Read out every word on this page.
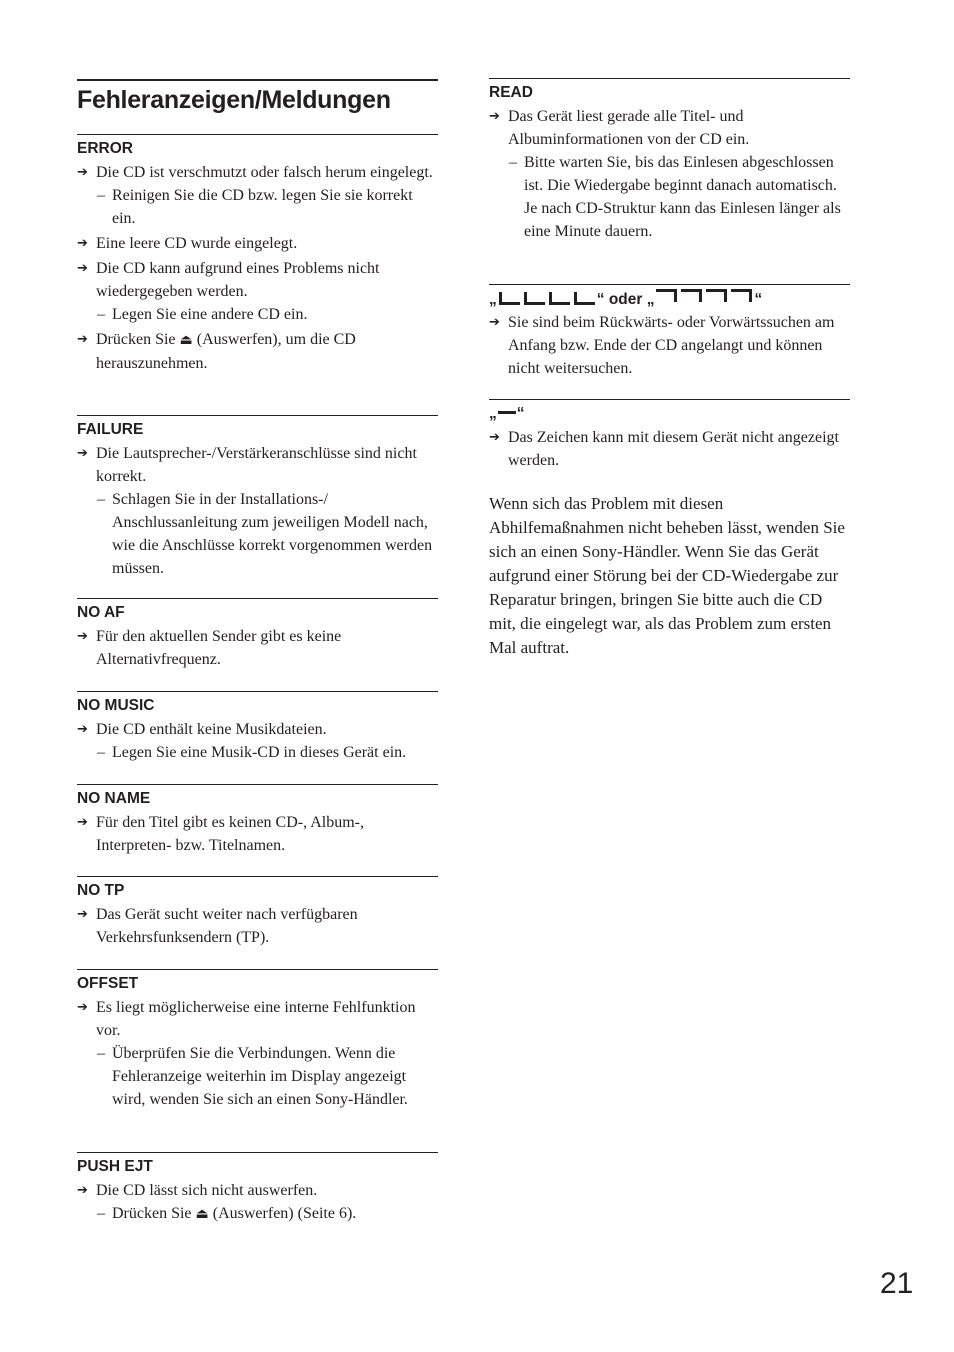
Fehleranzeigen/Meldungen
ERROR
➔ Die CD ist verschmutzt oder falsch herum eingelegt.
– Reinigen Sie die CD bzw. legen Sie sie korrekt ein.
➔ Eine leere CD wurde eingelegt.
➔ Die CD kann aufgrund eines Problems nicht wiedergegeben werden.
– Legen Sie eine andere CD ein.
➔ Drücken Sie ⏏ (Auswerfen), um die CD herauszunehmen.
FAILURE
➔ Die Lautsprecher-/Verstärkeranschlüsse sind nicht korrekt.
– Schlagen Sie in der Installations-/ Anschlussanleitung zum jeweiligen Modell nach, wie die Anschlüsse korrekt vorgenommen werden müssen.
NO AF
➔ Für den aktuellen Sender gibt es keine Alternativfrequenz.
NO MUSIC
➔ Die CD enthält keine Musikdateien.
– Legen Sie eine Musik-CD in dieses Gerät ein.
NO NAME
➔ Für den Titel gibt es keinen CD-, Album-, Interpreten- bzw. Titelnamen.
NO TP
➔ Das Gerät sucht weiter nach verfügbaren Verkehrsfunksendern (TP).
OFFSET
➔ Es liegt möglicherweise eine interne Fehlfunktion vor.
– Überprüfen Sie die Verbindungen. Wenn die Fehleranzeige weiterhin im Display angezeigt wird, wenden Sie sich an einen Sony-Händler.
PUSH EJT
➔ Die CD lässt sich nicht auswerfen.
– Drücken Sie ⏏ (Auswerfen) (Seite 6).
READ
➔ Das Gerät liest gerade alle Titel- und Albuminformationen von der CD ein.
– Bitte warten Sie, bis das Einlesen abgeschlossen ist. Die Wiedergabe beginnt danach automatisch. Je nach CD-Struktur kann das Einlesen länger als eine Minute dauern.
„	“ oder „	“
➔ Sie sind beim Rückwärts- oder Vorwärtssuchen am Anfang bzw. Ende der CD angelangt und können nicht weitersuchen.
„ “
➔ Das Zeichen kann mit diesem Gerät nicht angezeigt werden.
Wenn sich das Problem mit diesen Abhilfemaßnahmen nicht beheben lässt, wenden Sie sich an einen Sony-Händler. Wenn Sie das Gerät aufgrund einer Störung bei der CD-Wiedergabe zur Reparatur bringen, bringen Sie bitte auch die CD mit, die eingelegt war, als das Problem zum ersten Mal auftrat.
21
